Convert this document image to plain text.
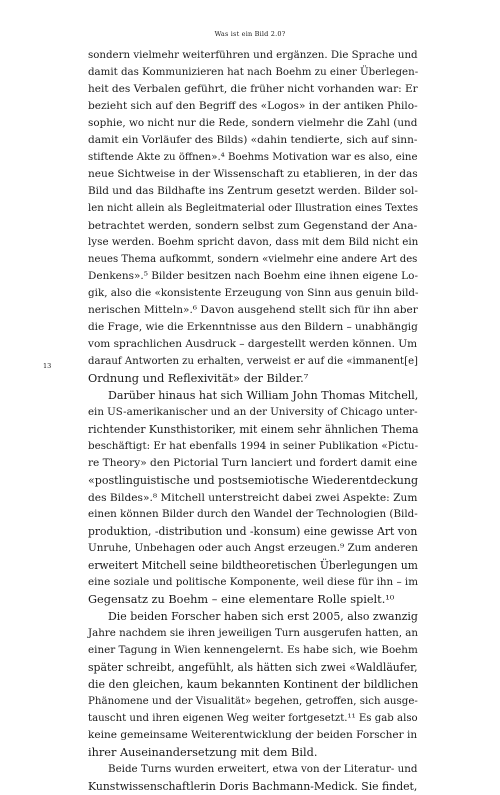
Was ist ein Bild 2.0?
13
sondern vielmehr weiterführen und ergänzen. Die Sprache und
damit das Kommunizieren hat nach Boehm zu einer Überlegen-
heit des Verbalen geführt, die früher nicht vorhanden war: Er
bezieht sich auf den Begriff des «Logos» in der antiken Philo-
sophie, wo nicht nur die Rede, sondern vielmehr die Zahl (und
damit ein Vorläufer des Bilds) «dahin tendierte, sich auf sinn-
stiftende Akte zu öffnen».⁴ Boehms Motivation war es also, eine
neue Sichtweise in der Wissenschaft zu etablieren, in der das
Bild und das Bildhafte ins Zentrum gesetzt werden. Bilder sol-
len nicht allein als Begleitmaterial oder Illustration eines Textes
betrachtet werden, sondern selbst zum Gegenstand der Ana-
lyse werden. Boehm spricht davon, dass mit dem Bild nicht ein
neues Thema aufkommt, sondern «vielmehr eine andere Art des
Denkens».⁵ Bilder besitzen nach Boehm eine ihnen eigene Lo-
gik, also die «konsistente Erzeugung von Sinn aus genuin bild-
nerischen Mitteln».⁶ Davon ausgehend stellt sich für ihn aber
die Frage, wie die Erkenntnisse aus den Bildern – unabhängig
vom sprachlichen Ausdruck – dargestellt werden können. Um
darauf Antworten zu erhalten, verweist er auf die «immanent[e]
Ordnung und Reflexivität» der Bilder.⁷
Darüber hinaus hat sich William John Thomas Mitchell,
ein US-amerikanischer und an der University of Chicago unter-
richtender Kunsthistoriker, mit einem sehr ähnlichen Thema
beschäftigt: Er hat ebenfalls 1994 in seiner Publikation «Pictu-
re Theory» den Pictorial Turn lanciert und fordert damit eine
«postlinguistische und postsemiotische Wiederentdeckung
des Bildes».⁸ Mitchell unterstreicht dabei zwei Aspekte: Zum
einen können Bilder durch den Wandel der Technologien (Bild-
produktion, -distribution und -konsum) eine gewisse Art von
Unruhe, Unbehagen oder auch Angst erzeugen.⁹ Zum anderen
erweitert Mitchell seine bildtheoretischen Überlegungen um
eine soziale und politische Komponente, weil diese für ihn – im
Gegensatz zu Boehm – eine elementare Rolle spielt.¹⁰
Die beiden Forscher haben sich erst 2005, also zwanzig
Jahre nachdem sie ihren jeweiligen Turn ausgerufen hatten, an
einer Tagung in Wien kennengelernt. Es habe sich, wie Boehm
später schreibt, angefühlt, als hätten sich zwei «Waldläufer,
die den gleichen, kaum bekannten Kontinent der bildlichen
Phänomene und der Visualität» begehen, getroffen, sich ausge-
tauscht und ihren eigenen Weg weiter fortgesetzt.¹¹ Es gab also
keine gemeinsame Weiterentwicklung der beiden Forscher in
ihrer Auseinandersetzung mit dem Bild.
Beide Turns wurden erweitert, etwa von der Literatur- und
Kunstwissenschaftlerin Doris Bachmann-Medick. Sie findet,
